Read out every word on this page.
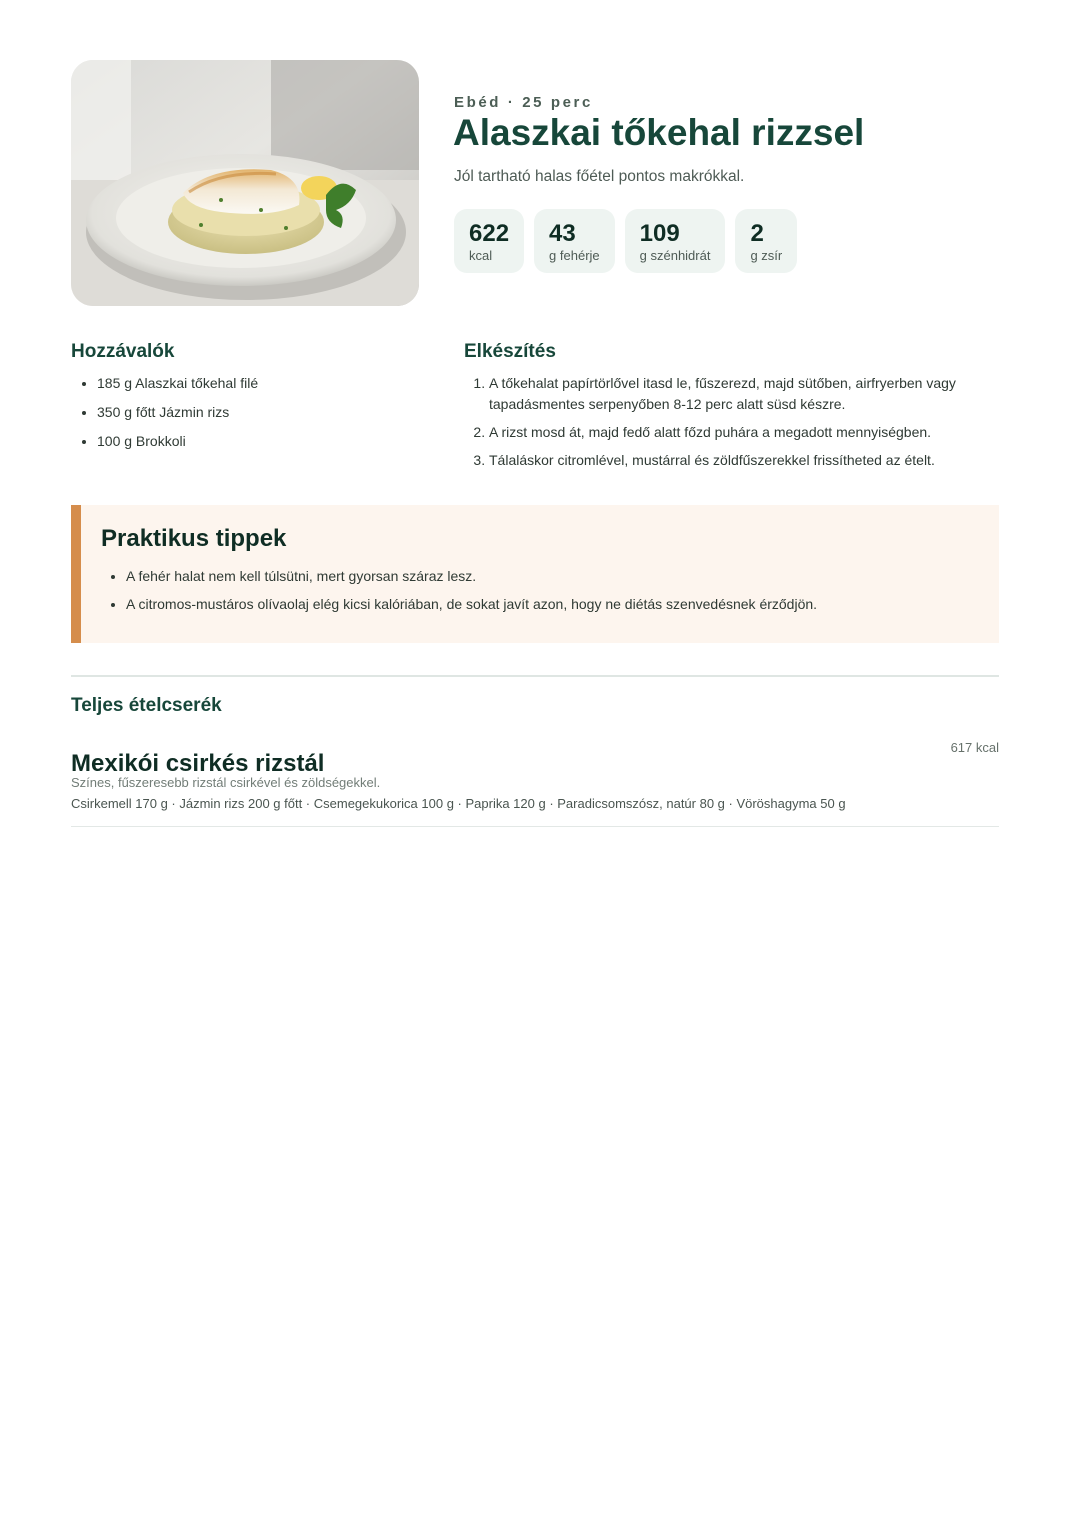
Ebéd · 25 perc
Alaszkai tőkehal rizzsel
Jól tartható halas főétel pontos makrókkal.
622
kcal
43
g fehérje
109
g szénhidrát
2
g zsír
Hozzávalók
• 185 g Alaszkai tőkehal filé
• 350 g főtt Jázmin rizs
• 100 g Brokkoli
Elkészítés
1. A tőkehalat papírtörlővel itasd le, fűszerezd, majd sütőben, airfryerben vagy tapadásmentes serpenyőben 8-12 perc alatt süsd készre.
2. A rizst mosd át, majd fedő alatt főzd puhára a megadott mennyiségben.
3. Tálaláskor citromlével, mustárral és zöldfűszerekkel frissítheted az ételt.
Praktikus tippek
• A fehér halat nem kell túlsütni, mert gyorsan száraz lesz.
• A citromos-mustáros olívaolaj elég kicsi kalóriában, de sokat javít azon, hogy ne diétás szenvedésnek érződjön.
Teljes ételcserék
Mexikói csirkés rizstál
617 kcal
Színes, fűszeresebb rizstál csirkével és zöldségekkel.
Csirkemell 170 g · Jázmin rizs 200 g főtt · Csemegekukorica 100 g · Paprika 120 g · Paradicsomszósz, natúr 80 g · Vöröshagyma 50 g
